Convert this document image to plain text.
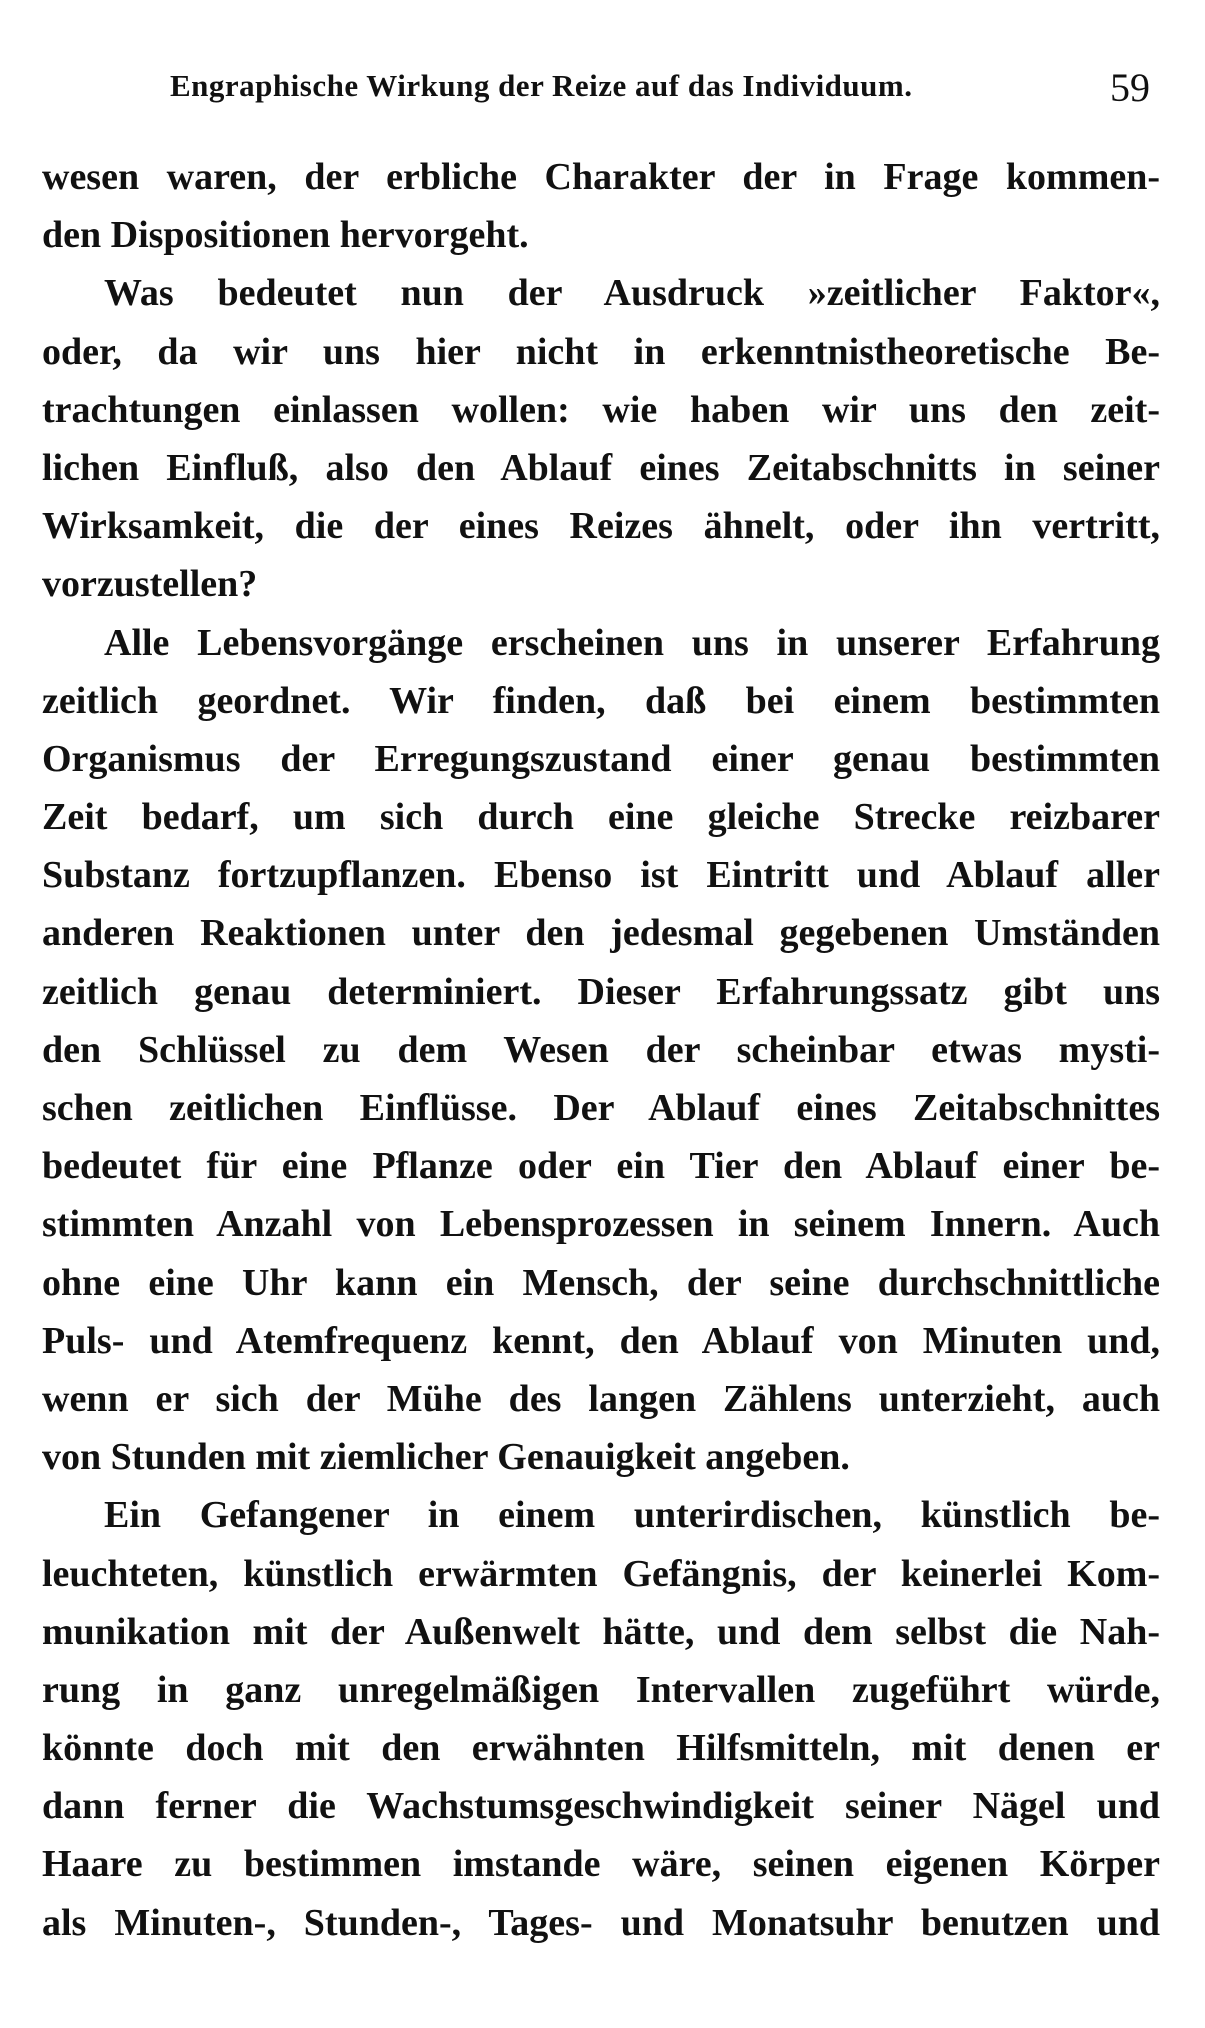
Engraphische Wirkung der Reize auf das Individuum.	59
wesen waren, der erbliche Charakter der in Frage kommen-
den Dispositionen hervorgeht.
Was bedeutet nun der Ausdruck »zeitlicher Faktor«,
oder, da wir uns hier nicht in erkenntnistheoretische Be-
trachtungen einlassen wollen: wie haben wir uns den zeit-
lichen Einfluß, also den Ablauf eines Zeitabschnitts in seiner
Wirksamkeit, die der eines Reizes ähnelt, oder ihn vertritt,
vorzustellen?
Alle Lebensvorgänge erscheinen uns in unserer Erfahrung
zeitlich geordnet. Wir finden, daß bei einem bestimmten
Organismus der Erregungszustand einer genau bestimmten
Zeit bedarf, um sich durch eine gleiche Strecke reizbarer
Substanz fortzupflanzen. Ebenso ist Eintritt und Ablauf aller
anderen Reaktionen unter den jedesmal gegebenen Umständen
zeitlich genau determiniert. Dieser Erfahrungssatz gibt uns
den Schlüssel zu dem Wesen der scheinbar etwas mysti-
schen zeitlichen Einflüsse. Der Ablauf eines Zeitabschnittes
bedeutet für eine Pflanze oder ein Tier den Ablauf einer be-
stimmten Anzahl von Lebensprozessen in seinem Innern. Auch
ohne eine Uhr kann ein Mensch, der seine durchschnittliche
Puls- und Atemfrequenz kennt, den Ablauf von Minuten und,
wenn er sich der Mühe des langen Zählens unterzieht, auch
von Stunden mit ziemlicher Genauigkeit angeben.
Ein Gefangener in einem unterirdischen, künstlich be-
leuchteten, künstlich erwärmten Gefängnis, der keinerlei Kom-
munikation mit der Außenwelt hätte, und dem selbst die Nah-
rung in ganz unregelmäßigen Intervallen zugeführt würde,
könnte doch mit den erwähnten Hilfsmitteln, mit denen er
dann ferner die Wachstumsgeschwindigkeit seiner Nägel und
Haare zu bestimmen imstande wäre, seinen eigenen Körper
als Minuten-, Stunden-, Tages- und Monatsuhr benutzen und
